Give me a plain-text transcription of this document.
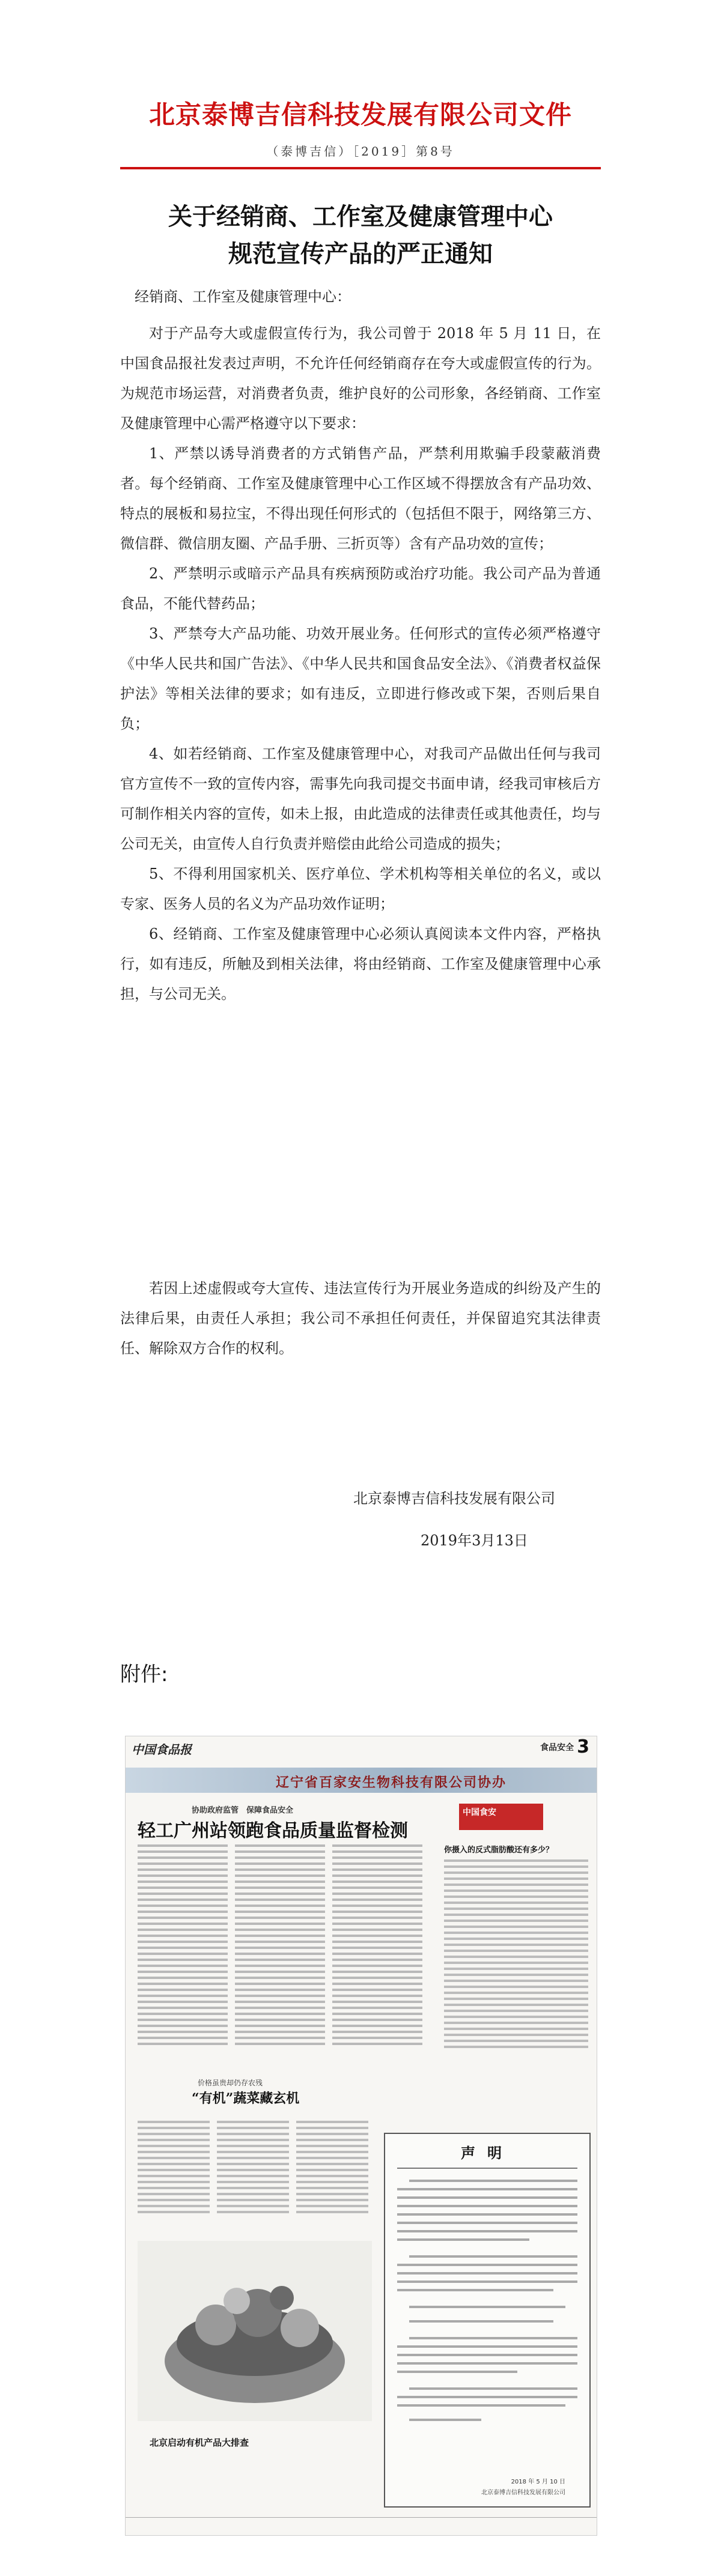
北京泰博吉信科技发展有限公司文件
（泰博吉信）［2019］第8号
关于经销商、工作室及健康管理中心
规范宣传产品的严正通知
经销商、工作室及健康管理中心：

对于产品夸大或虚假宣传行为，我公司曾于 2018 年 5 月 11 日，在中国食品报社发表过声明，不允许任何经销商存在夸大或虚假宣传的行为。为规范市场运营，对消费者负责，维护良好的公司形象，各经销商、工作室及健康管理中心需严格遵守以下要求：

1、严禁以诱导消费者的方式销售产品，严禁利用欺骗手段蒙蔽消费者。每个经销商、工作室及健康管理中心工作区域不得摆放含有产品功效、特点的展板和易拉宝，不得出现任何形式的（包括但不限于，网络第三方、微信群、微信朋友圈、产品手册、三折页等）含有产品功效的宣传；

2、严禁明示或暗示产品具有疾病预防或治疗功能。我公司产品为普通食品，不能代替药品；

3、严禁夸大产品功能、功效开展业务。任何形式的宣传必须严格遵守《中华人民共和国广告法》、《中华人民共和国食品安全法》、《消费者权益保护法》等相关法律的要求；如有违反，立即进行修改或下架，否则后果自负；

4、如若经销商、工作室及健康管理中心，对我司产品做出任何与我司官方宣传不一致的宣传内容，需事先向我司提交书面申请，经我司审核后方可制作相关内容的宣传，如未上报，由此造成的法律责任或其他责任，均与公司无关，由宣传人自行负责并赔偿由此给公司造成的损失；

5、不得利用国家机关、医疗单位、学术机构等相关单位的名义，或以专家、医务人员的名义为产品功效作证明；

6、经销商、工作室及健康管理中心必须认真阅读本文件内容，严格执行，如有违反，所触及到相关法律，将由经销商、工作室及健康管理中心承担，与公司无关。

若因上述虚假或夸大宣传、违法宣传行为开展业务造成的纠纷及产生的法律后果，由责任人承担；我公司不承担任何责任，并保留追究其法律责任、解除双方合作的权利。

北京泰博吉信科技发展有限公司
2019年3月13日
附件:
中国食品报	食品安全 3
辽宁省百家安生物科技有限公司协办
协助政府监管　保障食品安全
轻工广州站领跑食品质量监督检测
中国食安
你摄入的反式脂肪酸还有多少？
价格虽贵却仍存农残
“有机”蔬菜藏玄机
北京启动有机产品大排查
声明
2018 年 5 月 10 日
北京泰博吉信科技发展有限公司
